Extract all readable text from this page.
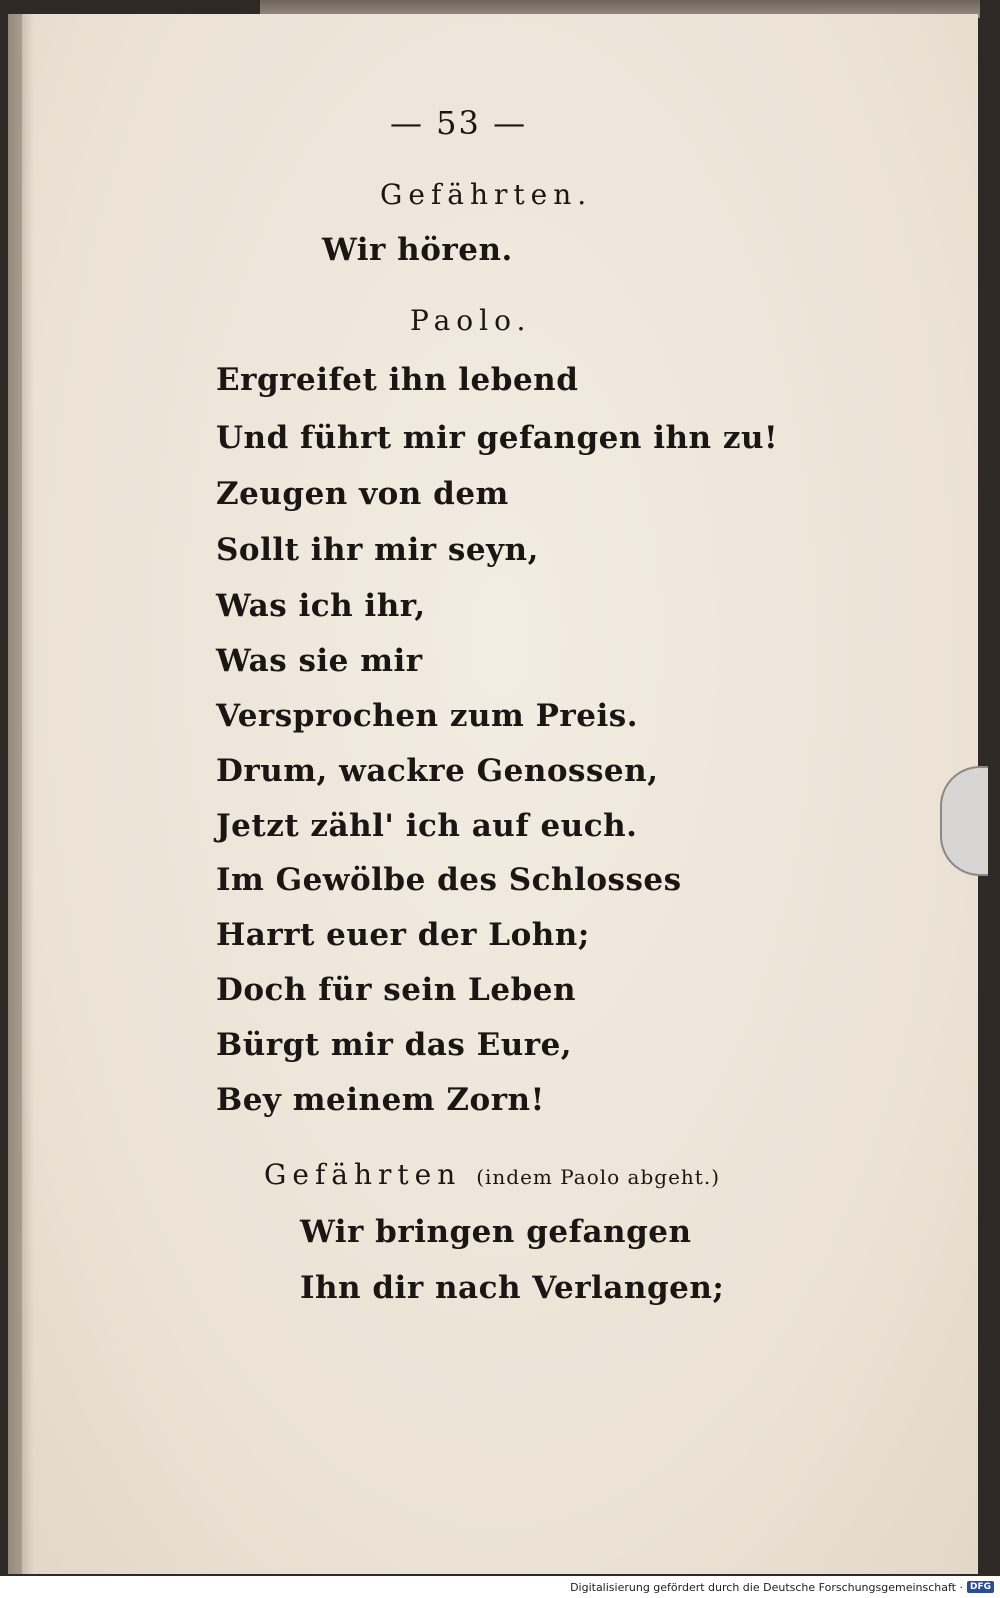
— 53 —
Gefährten.
Wir hören.
Paolo.
Ergreifet ihn lebend
Und führt mir gefangen ihn zu!
Zeugen von dem
Sollt ihr mir seyn,
Was ich ihr,
Was sie mir
Versprochen zum Preis.
Drum, wackre Genossen,
Jetzt zähl' ich auf euch.
Im Gewölbe des Schlosses
Harrt euer der Lohn;
Doch für sein Leben
Bürgt mir das Eure,
Bey meinem Zorn!
Gefährten (indem Paolo abgeht.)
Wir bringen gefangen
Ihn dir nach Verlangen;
Digitalisierung gefördert durch die Deutsche Forschungsgemeinschaft · DFG
